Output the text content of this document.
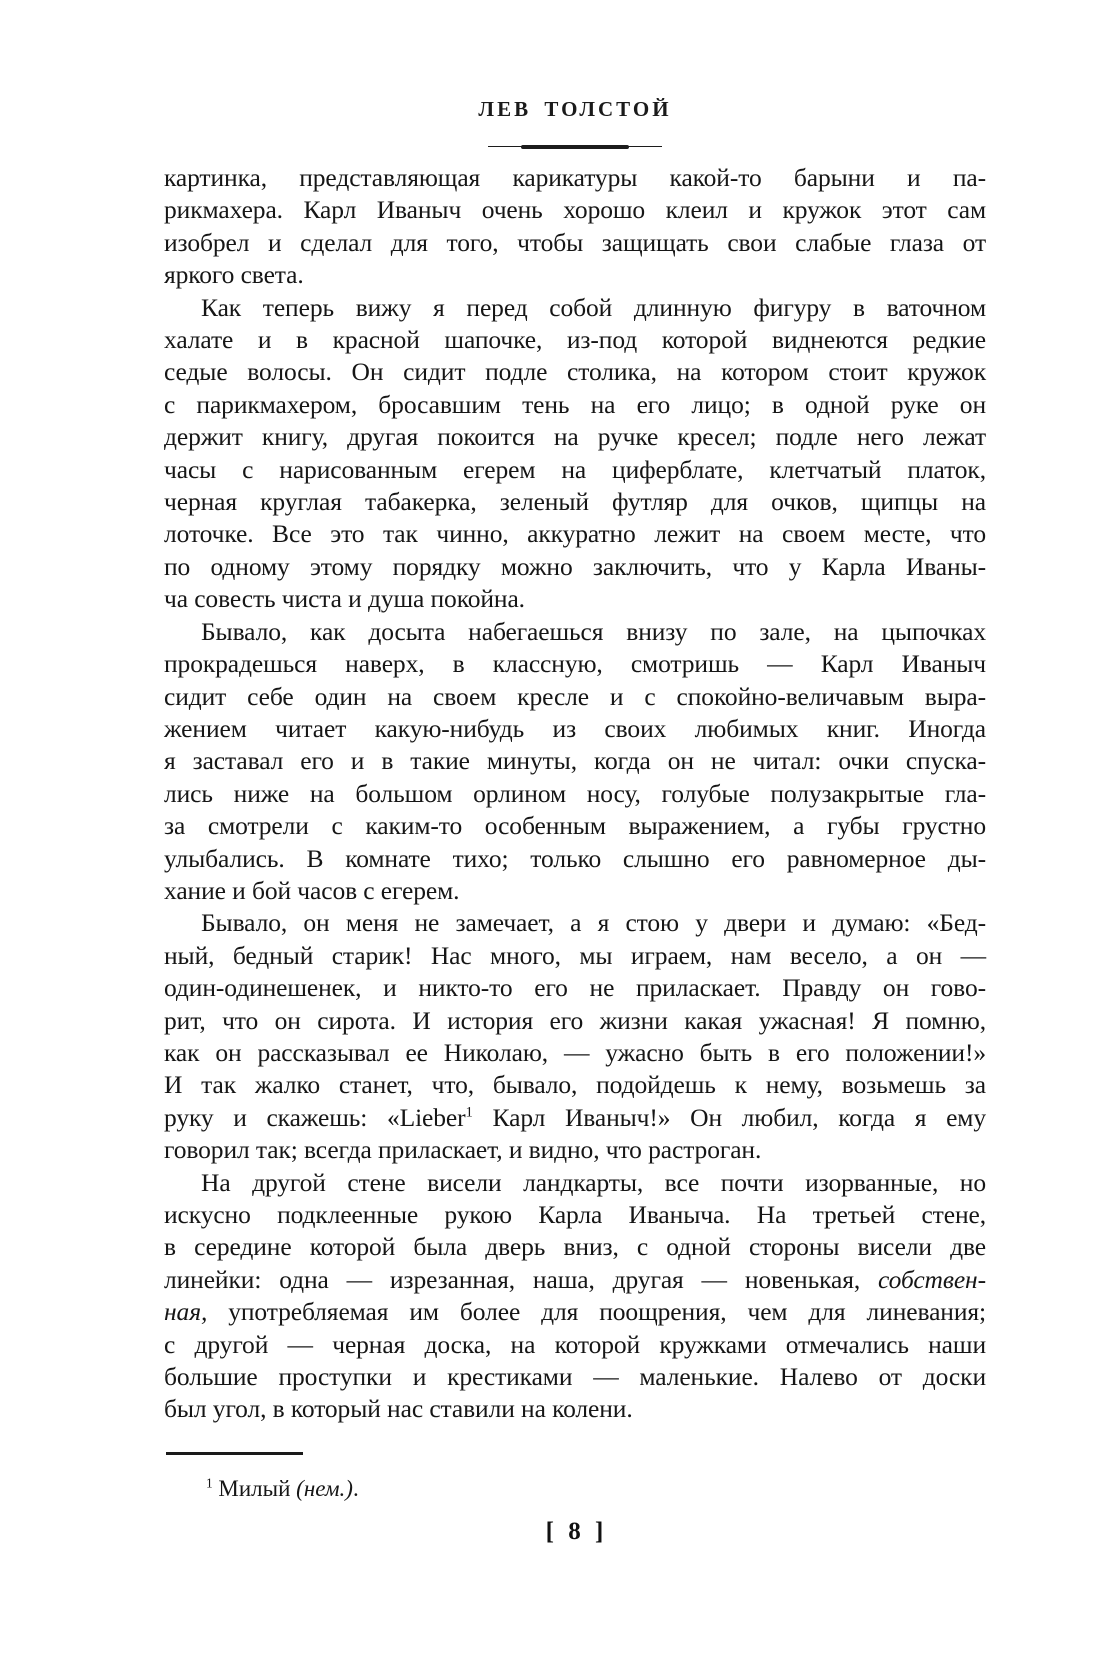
ЛЕВ ТОЛСТОЙ
картинка, представляющая карикатуры какой-то барыни и па-
рикмахера. Карл Иваныч очень хорошо клеил и кружок этот сам
изобрел и сделал для того, чтобы защищать свои слабые глаза от
яркого света.
Как теперь вижу я перед собой длинную фигуру в ваточном
халате и в красной шапочке, из-под которой виднеются редкие
седые волосы. Он сидит подле столика, на котором стоит кружок
с парикмахером, бросавшим тень на его лицо; в одной руке он
держит книгу, другая покоится на ручке кресел; подле него лежат
часы с нарисованным егерем на циферблате, клетчатый платок,
черная круглая табакерка, зеленый футляр для очков, щипцы на
лоточке. Все это так чинно, аккуратно лежит на своем месте, что
по одному этому порядку можно заключить, что у Карла Иваны-
ча совесть чиста и душа покойна.
Бывало, как досыта набегаешься внизу по зале, на цыпочках
прокрадешься наверх, в классную, смотришь — Карл Иваныч
сидит себе один на своем кресле и с спокойно-величавым выра-
жением читает какую-нибудь из своих любимых книг. Иногда
я заставал его и в такие минуты, когда он не читал: очки спуска-
лись ниже на большом орлином носу, голубые полузакрытые гла-
за смотрели с каким-то особенным выражением, а губы грустно
улыбались. В комнате тихо; только слышно его равномерное ды-
хание и бой часов с егерем.
Бывало, он меня не замечает, а я стою у двери и думаю: «Бед-
ный, бедный старик! Нас много, мы играем, нам весело, а он —
один-одинешенек, и никто-то его не приласкает. Правду он гово-
рит, что он сирота. И история его жизни какая ужасная! Я помню,
как он рассказывал ее Николаю, — ужасно быть в его положении!»
И так жалко станет, что, бывало, подойдешь к нему, возьмешь за
руку и скажешь: «Lieber$^1$ Карл Иваныч!» Он любил, когда я ему
говорил так; всегда приласкает, и видно, что растроган.
На другой стене висели ландкарты, все почти изорванные, но
искусно подклеенные рукою Карла Иваныча. На третьей стене,
в середине которой была дверь вниз, с одной стороны висели две
линейки: одна — изрезанная, наша, другая — новенькая, собствен-
ная, употребляемая им более для поощрения, чем для линевания;
с другой — черная доска, на которой кружками отмечались наши
большие проступки и крестиками — маленькие. Налево от доски
был угол, в который нас ставили на колени.
$^1$ Милый (нем.).
[ 8 ]
